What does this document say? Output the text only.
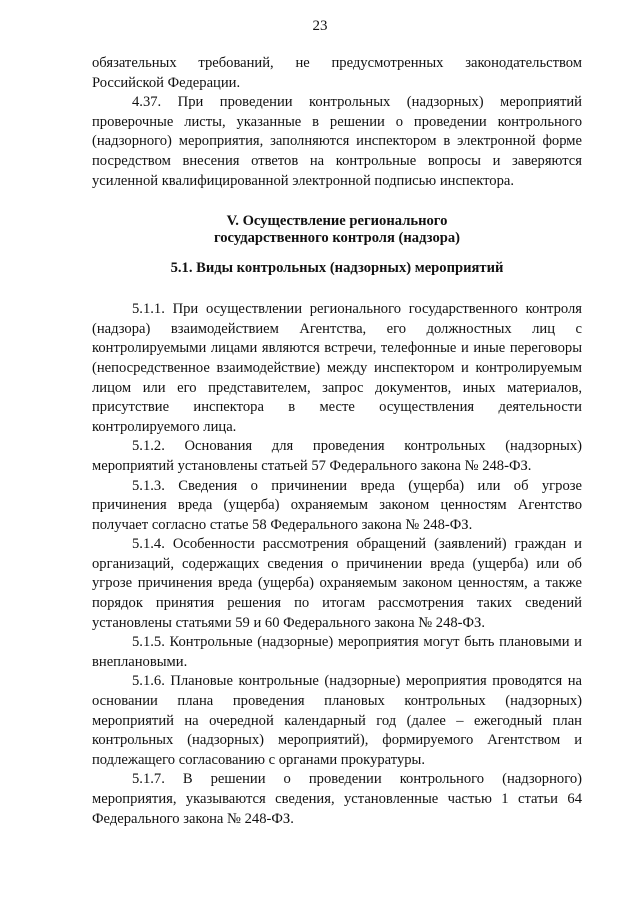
23

обязательных требований, не предусмотренных законодательством Российской Федерации.

4.37. При проведении контрольных (надзорных) мероприятий проверочные листы, указанные в решении о проведении контрольного (надзорного) мероприятия, заполняются инспектором в электронной форме посредством внесения ответов на контрольные вопросы и заверяются усиленной квалифицированной электронной подписью инспектора.

V. Осуществление регионального
государственного контроля (надзора)
5.1. Виды контрольных (надзорных) мероприятий

5.1.1. При осуществлении регионального государственного контроля (надзора) взаимодействием Агентства, его должностных лиц с контролируемыми лицами являются встречи, телефонные и иные переговоры (непосредственное взаимодействие) между инспектором и контролируемым лицом или его представителем, запрос документов, иных материалов, присутствие инспектора в месте осуществления деятельности контролируемого лица.

5.1.2. Основания для проведения контрольных (надзорных) мероприятий установлены статьей 57 Федерального закона № 248-ФЗ.

5.1.3. Сведения о причинении вреда (ущерба) или об угрозе причинения вреда (ущерба) охраняемым законом ценностям Агентство получает согласно статье 58 Федерального закона № 248-ФЗ.

5.1.4. Особенности рассмотрения обращений (заявлений) граждан и организаций, содержащих сведения о причинении вреда (ущерба) или об угрозе причинения вреда (ущерба) охраняемым законом ценностям, а также порядок принятия решения по итогам рассмотрения таких сведений установлены статьями 59 и 60 Федерального закона № 248-ФЗ.

5.1.5. Контрольные (надзорные) мероприятия могут быть плановыми и внеплановыми.

5.1.6. Плановые контрольные (надзорные) мероприятия проводятся на основании плана проведения плановых контрольных (надзорных) мероприятий на очередной календарный год (далее – ежегодный план контрольных (надзорных) мероприятий), формируемого Агентством и подлежащего согласованию с органами прокуратуры.

5.1.7. В решении о проведении контрольного (надзорного) мероприятия, указываются сведения, установленные частью 1 статьи 64 Федерального закона № 248-ФЗ.
